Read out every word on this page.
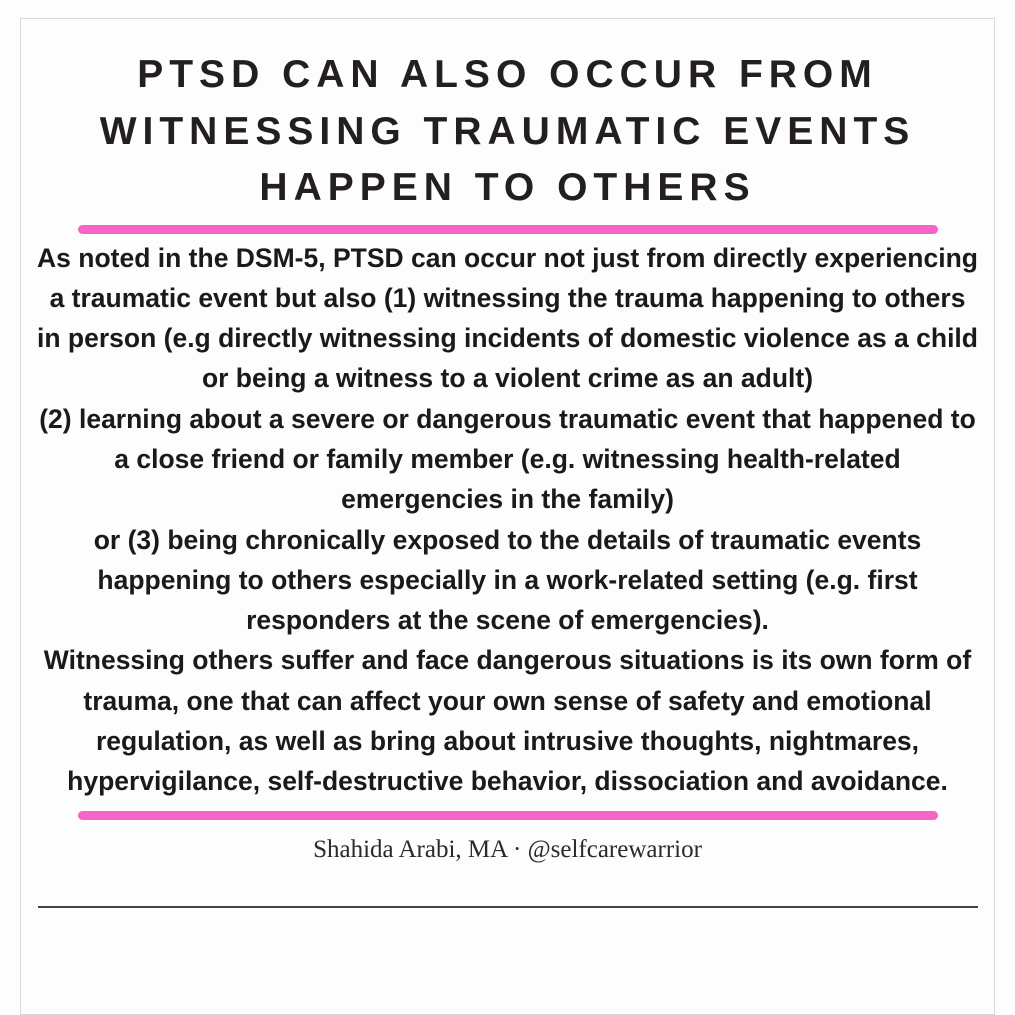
PTSD CAN ALSO OCCUR FROM WITNESSING TRAUMATIC EVENTS HAPPEN TO OTHERS

As noted in the DSM-5, PTSD can occur not just from directly experiencing a traumatic event but also (1) witnessing the trauma happening to others in person (e.g directly witnessing incidents of domestic violence as a child or being a witness to a violent crime as an adult)

(2) learning about a severe or dangerous traumatic event that happened to a close friend or family member (e.g. witnessing health-related emergencies in the family)

or (3) being chronically exposed to the details of traumatic events happening to others especially in a work-related setting (e.g. first responders at the scene of emergencies).

Witnessing others suffer and face dangerous situations is its own form of trauma, one that can affect your own sense of safety and emotional regulation, as well as bring about intrusive thoughts, nightmares, hypervigilance, self-destructive behavior, dissociation and avoidance.

Shahida Arabi, MA · @selfcarewarrior
